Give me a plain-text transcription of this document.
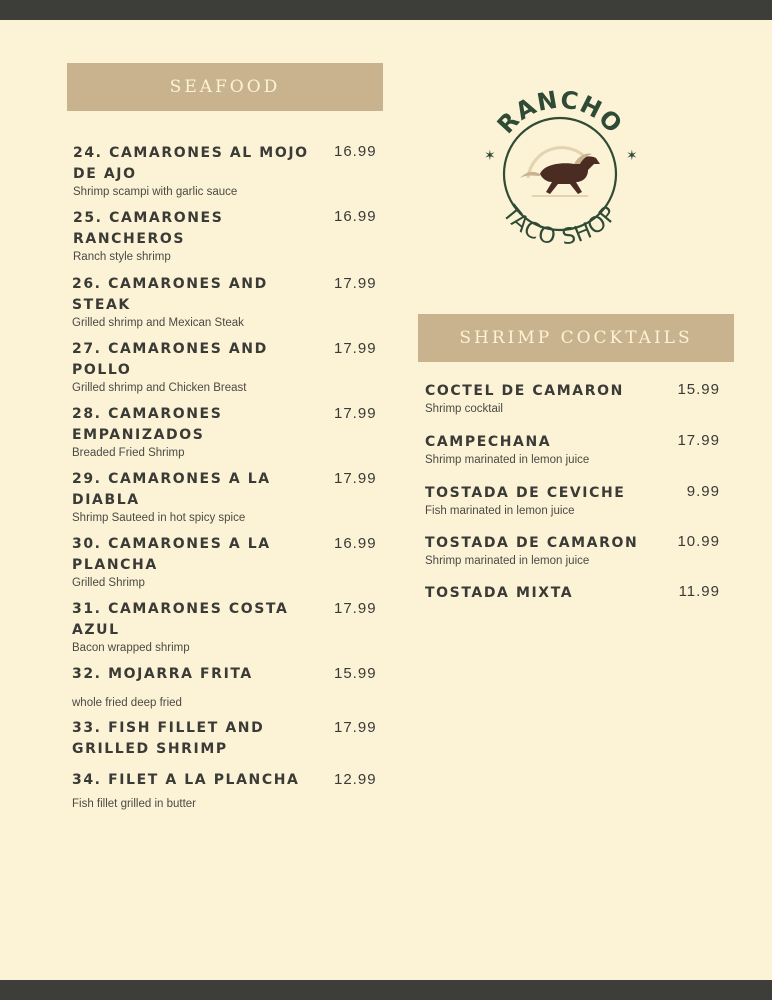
SEAFOOD

24. CAMARONES AL MOJO DE AJO

Shrimp scampi with garlic sauce

16.99

25. CAMARONES RANCHEROS

Ranch style shrimp

16.99

26. CAMARONES AND STEAK

Grilled shrimp and Mexican Steak

17.99

27. CAMARONES AND POLLO

Grilled shrimp and Chicken Breast

17.99

28. CAMARONES EMPANIZADOS

Breaded Fried Shrimp

17.99

29. CAMARONES A LA DIABLA

Shrimp Sauteed in hot spicy spice

17.99

30. CAMARONES A LA PLANCHA

Grilled Shrimp

16.99

31. CAMARONES COSTA AZUL

Bacon wrapped shrimp

17.99

32. MOJARRA FRITA

whole fried deep fried

15.99

33. FISH FILLET AND GRILLED SHRIMP

17.99

34. FILET A LA PLANCHA

Fish fillet grilled in butter

12.99
RANCHO
TACO SHOP
✶	✶
SHRIMP COCKTAILS

COCTEL DE CAMARON

Shrimp cocktail

15.99

CAMPECHANA

Shrimp marinated in lemon juice

17.99

TOSTADA DE CEVICHE

Fish marinated in lemon juice

9.99

TOSTADA DE CAMARON

Shrimp marinated in lemon juice

10.99

TOSTADA MIXTA	11.99
